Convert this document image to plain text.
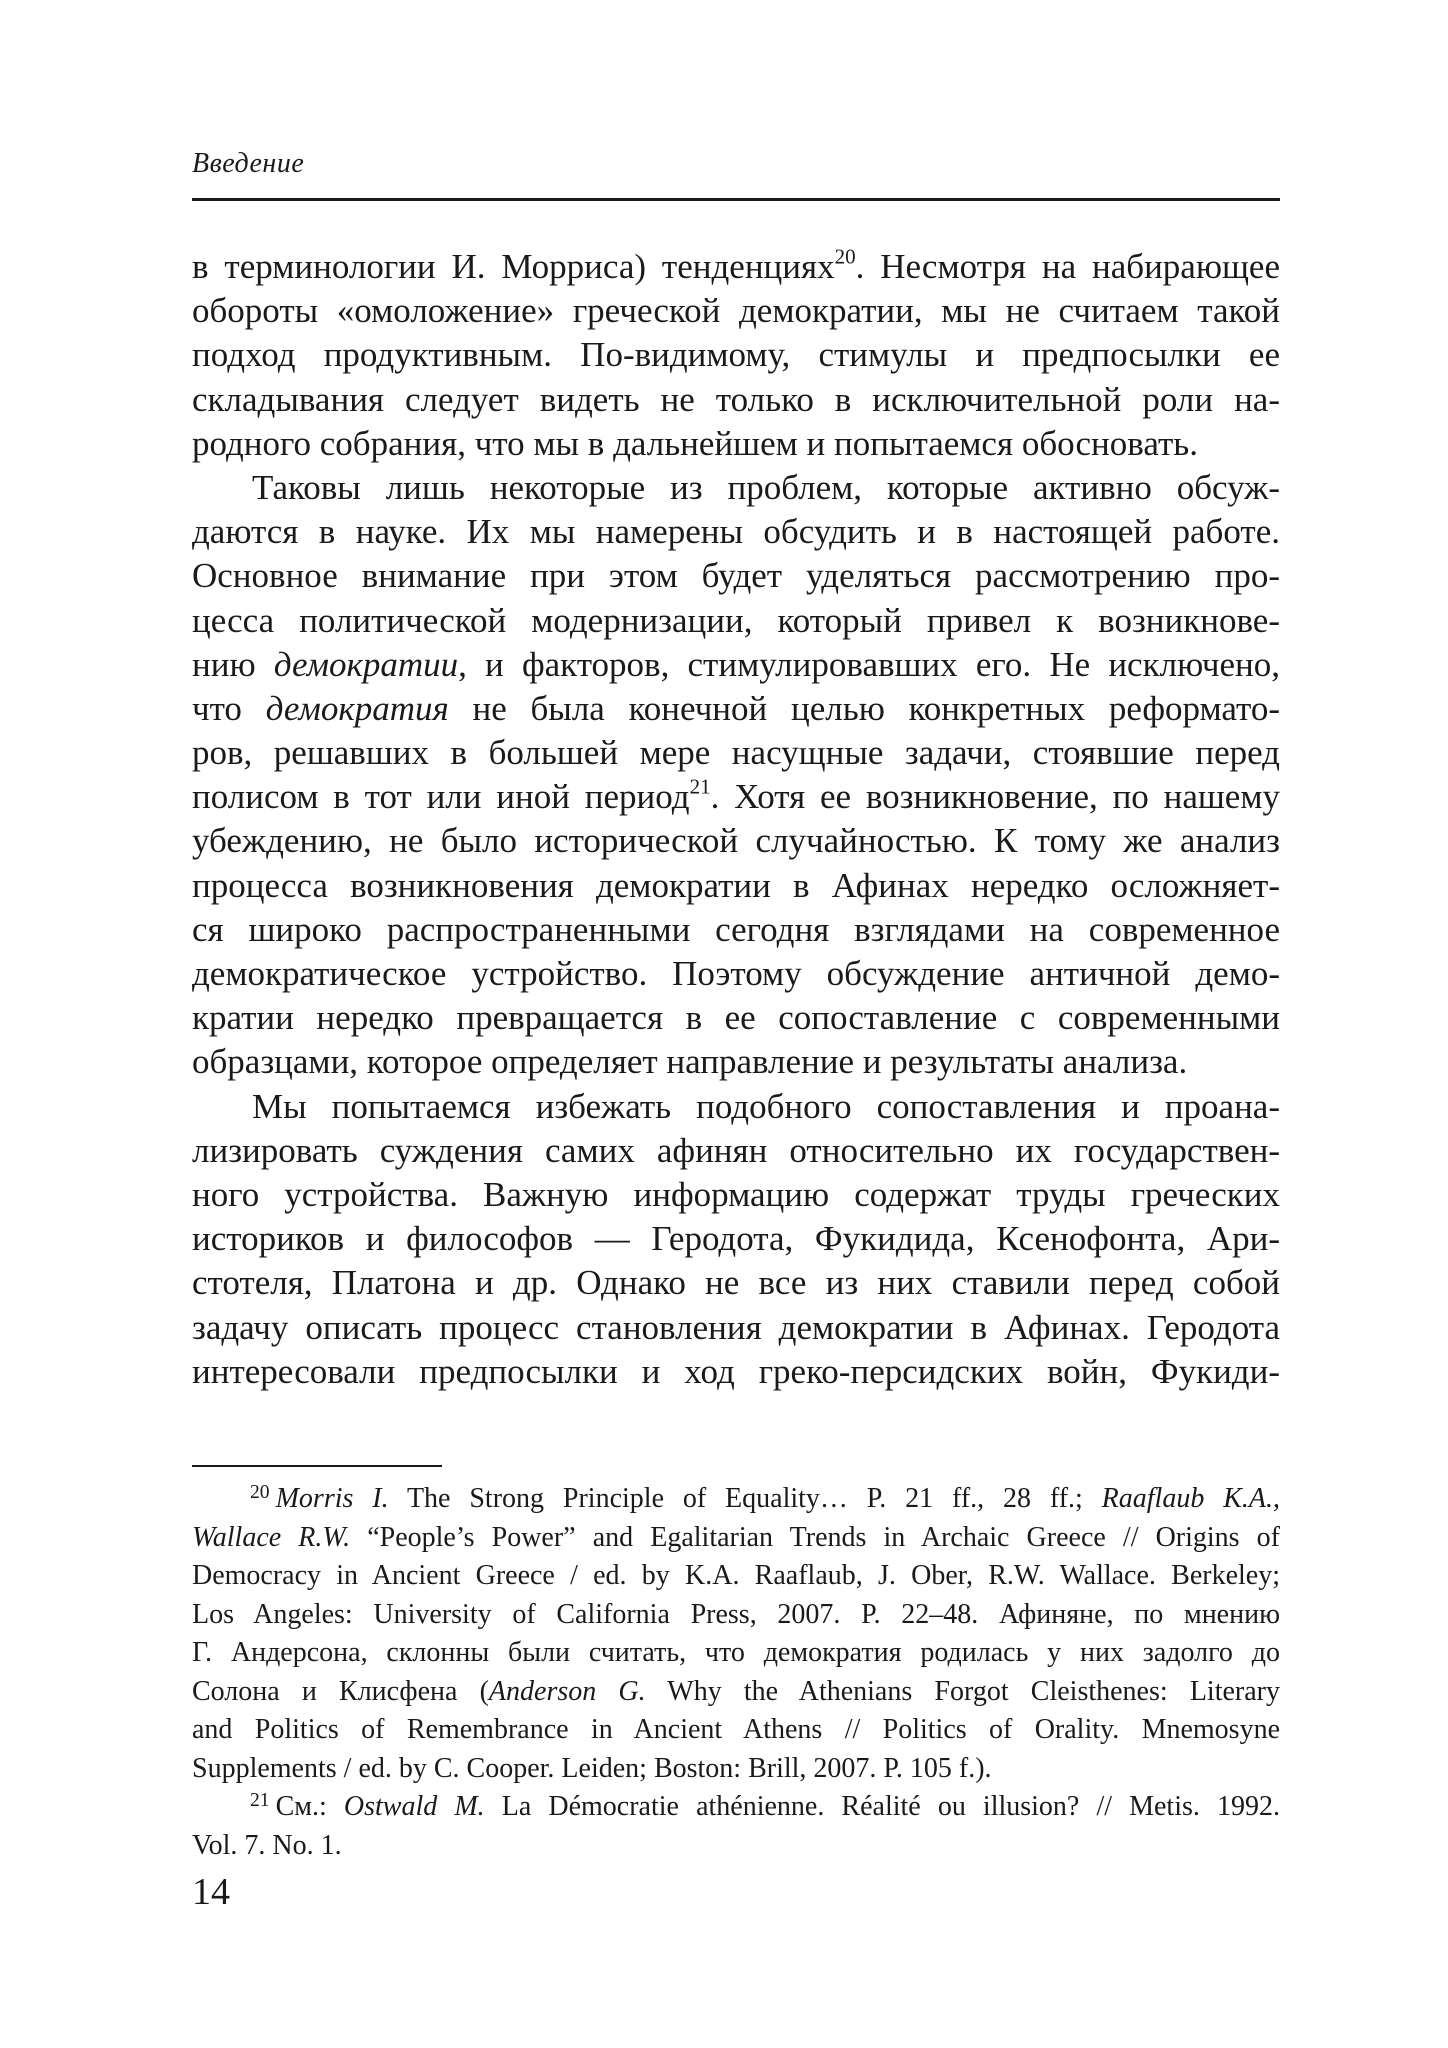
Введение
в терминологии И. Морриса) тенденциях$^{20}$. Несмотря на набирающее
обороты «омоложение» греческой демократии, мы не считаем такой
подход продуктивным. По-видимому, стимулы и предпосылки ее
складывания следует видеть не только в исключительной роли на-
родного собрания, что мы в дальнейшем и попытаемся обосновать.
Таковы лишь некоторые из проблем, которые активно обсуж-
даются в науке. Их мы намерены обсудить и в настоящей работе.
Основное внимание при этом будет уделяться рассмотрению про-
цесса политической модернизации, который привел к возникнове-
нию демократии, и факторов, стимулировавших его. Не исключено,
что демократия не была конечной целью конкретных реформато-
ров, решавших в большей мере насущные задачи, стоявшие перед
полисом в тот или иной период$^{21}$. Хотя ее возникновение, по нашему
убеждению, не было исторической случайностью. К тому же анализ
процесса возникновения демократии в Афинах нередко осложняет-
ся широко распространенными сегодня взглядами на современное
демократическое устройство. Поэтому обсуждение античной демо-
кратии нередко превращается в ее сопоставление с современными
образцами, которое определяет направление и результаты анализа.
Мы попытаемся избежать подобного сопоставления и проана-
лизировать суждения самих афинян относительно их государствен-
ного устройства. Важную информацию содержат труды греческих
историков и философов — Геродота, Фукидида, Ксенофонта, Ари-
стотеля, Платона и др. Однако не все из них ставили перед собой
задачу описать процесс становления демократии в Афинах. Геродота
интересовали предпосылки и ход греко-персидских войн, Фукиди-
$^{20}$ Morris I. The Strong Principle of Equality… P. 21 ff., 28 ff.; Raaflaub K.A.,
Wallace R.W. “People’s Power” and Egalitarian Trends in Archaic Greece // Origins of
Democracy in Ancient Greece / ed. by K.A. Raaflaub, J. Ober, R.W. Wallace. Berkeley;
Los Angeles: University of California Press, 2007. P. 22–48. Афиняне, по мнению
Г. Андерсона, склонны были считать, что демократия родилась у них задолго до
Солона и Клисфена (Anderson G. Why the Athenians Forgot Cleisthenes: Literary
and Politics of Remembrance in Ancient Athens // Politics of Orality. Mnemosyne
Supplements / ed. by C. Cooper. Leiden; Boston: Brill, 2007. P. 105 f.).
$^{21}$ См.: Ostwald M. La Démocratie athénienne. Réalité ou illusion? // Metis. 1992.
Vol. 7. No. 1.
14
